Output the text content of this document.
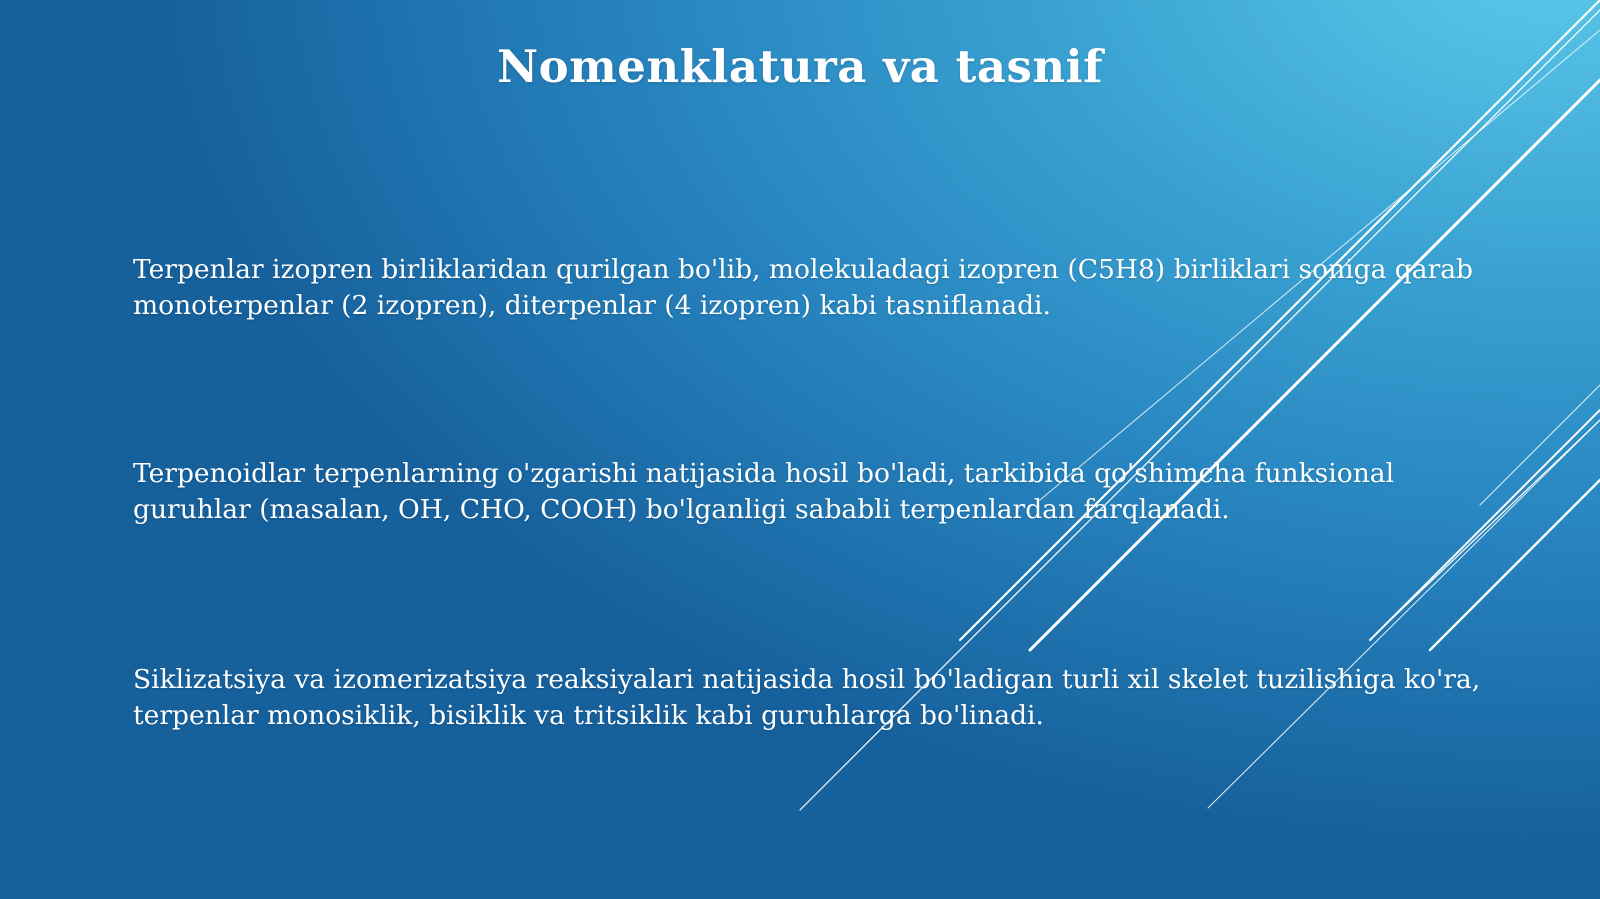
Nomenklatura va tasnif

Terpenlar izopren birliklaridan qurilgan bo'lib, molekuladagi izopren (C5H8) birliklari soniga qarab monoterpenlar (2 izopren), diterpenlar (4 izopren) kabi tasniflanadi.

Terpenoidlar terpenlarning o'zgarishi natijasida hosil bo'ladi, tarkibida qo'shimcha funksional guruhlar (masalan, OH, CHO, COOH) bo'lganligi sababli terpenlardan farqlanadi.

Siklizatsiya va izomerizatsiya reaksiyalari natijasida hosil bo'ladigan turli xil skelet tuzilishiga ko'ra, terpenlar monosiklik, bisiklik va tritsiklik kabi guruhlarga bo'linadi.
